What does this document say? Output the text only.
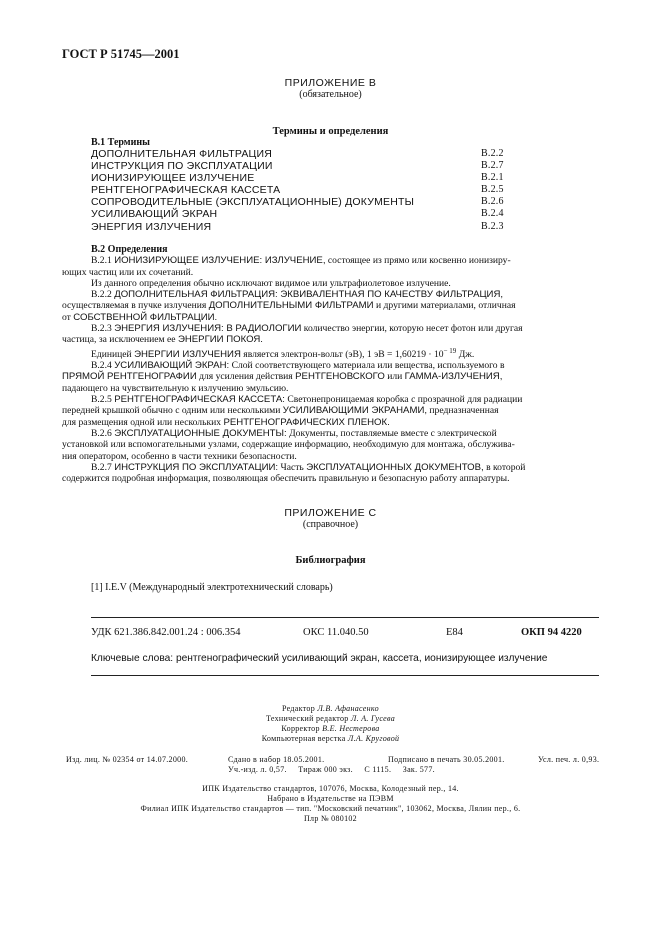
ГОСТ Р 51745—2001
ПРИЛОЖЕНИЕ В
(обязательное)
Термины и определения
В.1 Термины
ДОПОЛНИТЕЛЬНАЯ ФИЛЬТРАЦИЯ	В.2.2
ИНСТРУКЦИЯ ПО ЭКСПЛУАТАЦИИ	В.2.7
ИОНИЗИРУЮЩЕЕ ИЗЛУЧЕНИЕ	В.2.1
РЕНТГЕНОГРАФИЧЕСКАЯ КАССЕТА	В.2.5
СОПРОВОДИТЕЛЬНЫЕ (ЭКСПЛУАТАЦИОННЫЕ) ДОКУМЕНТЫ	В.2.6
УСИЛИВАЮЩИЙ ЭКРАН	В.2.4
ЭНЕРГИЯ ИЗЛУЧЕНИЯ	В.2.3

В.2 Определения

В.2.1 ИОНИЗИРУЮЩЕЕ ИЗЛУЧЕНИЕ: ИЗЛУЧЕНИЕ, состоящее из прямо или косвенно ионизиру-

ющих частиц или их сочетаний.

Из данного определения обычно исключают видимое или ультрафиолетовое излучение.

В.2.2 ДОПОЛНИТЕЛЬНАЯ ФИЛЬТРАЦИЯ: ЭКВИВАЛЕНТНАЯ ПО КАЧЕСТВУ ФИЛЬТРАЦИЯ,

осуществляемая в пучке излучения ДОПОЛНИТЕЛЬНЫМИ ФИЛЬТРАМИ и другими материалами, отличная

от СОБСТВЕННОЙ ФИЛЬТРАЦИИ.

В.2.3 ЭНЕРГИЯ ИЗЛУЧЕНИЯ: В РАДИОЛОГИИ количество энергии, которую несет фотон или другая

частица, за исключением ее ЭНЕРГИИ ПОКОЯ.

Единицей ЭНЕРГИИ ИЗЛУЧЕНИЯ является электрон-вольт (эВ), 1 эВ = $1,60219 \cdot 10^{- 19}$ Дж.

В.2.4 УСИЛИВАЮЩИЙ ЭКРАН: Слой соответствующего материала или вещества, используемого в

ПРЯМОЙ РЕНТГЕНОГРАФИИ для усиления действия РЕНТГЕНОВСКОГО или ГАММА-ИЗЛУЧЕНИЯ,

падающего на чувствительную к излучению эмульсию.

В.2.5 РЕНТГЕНОГРАФИЧЕСКАЯ КАССЕТА: Светонепроницаемая коробка с прозрачной для радиации

передней крышкой обычно с одним или несколькими УСИЛИВАЮЩИМИ ЭКРАНАМИ, предназначенная

для размещения одной или нескольких РЕНТГЕНОГРАФИЧЕСКИХ ПЛЕНОК.

В.2.6 ЭКСПЛУАТАЦИОННЫЕ ДОКУМЕНТЫ: Документы, поставляемые вместе с электрической

установкой или вспомогательными узлами, содержащие информацию, необходимую для монтажа, обслужива-

ния оператором, особенно в части техники безопасности.

В.2.7 ИНСТРУКЦИЯ ПО ЭКСПЛУАТАЦИИ: Часть ЭКСПЛУАТАЦИОННЫХ ДОКУМЕНТОВ, в которой

содержится подробная информация, позволяющая обеспечить правильную и безопасную работу аппаратуры.

ПРИЛОЖЕНИЕ С
(справочное)
Библиография
[1] I.E.V (Международный электротехнический словарь)
УДК 621.386.842.001.24 : 006.354	ОКС 11.040.50	Е84	ОКП 94 4220
Ключевые слова: рентгенографический усиливающий экран, кассета, ионизирующее излучение
Редактор Л.В. Афанасенко
Технический редактор Л. А. Гусева
Корректор В.Е. Нестерова
Компьютерная верстка Л.А. Круговой
Изд. лиц. № 02354 от 14.07.2000.	Сдано в набор 18.05.2001.	Подписано в печать 30.05.2001.	Усл. печ. л. 0,93.
Уч.-изд. л. 0,57.     Тираж 000 экз.     С 1115.     Зак. 577.
ИПК Издательство стандартов, 107076, Москва, Колодезный пер., 14.
Набрано в Издательстве на ПЭВМ
Филиал ИПК Издательство стандартов — тип. "Московский печатник", 103062, Москва, Лялин пер., 6.
Плр № 080102
